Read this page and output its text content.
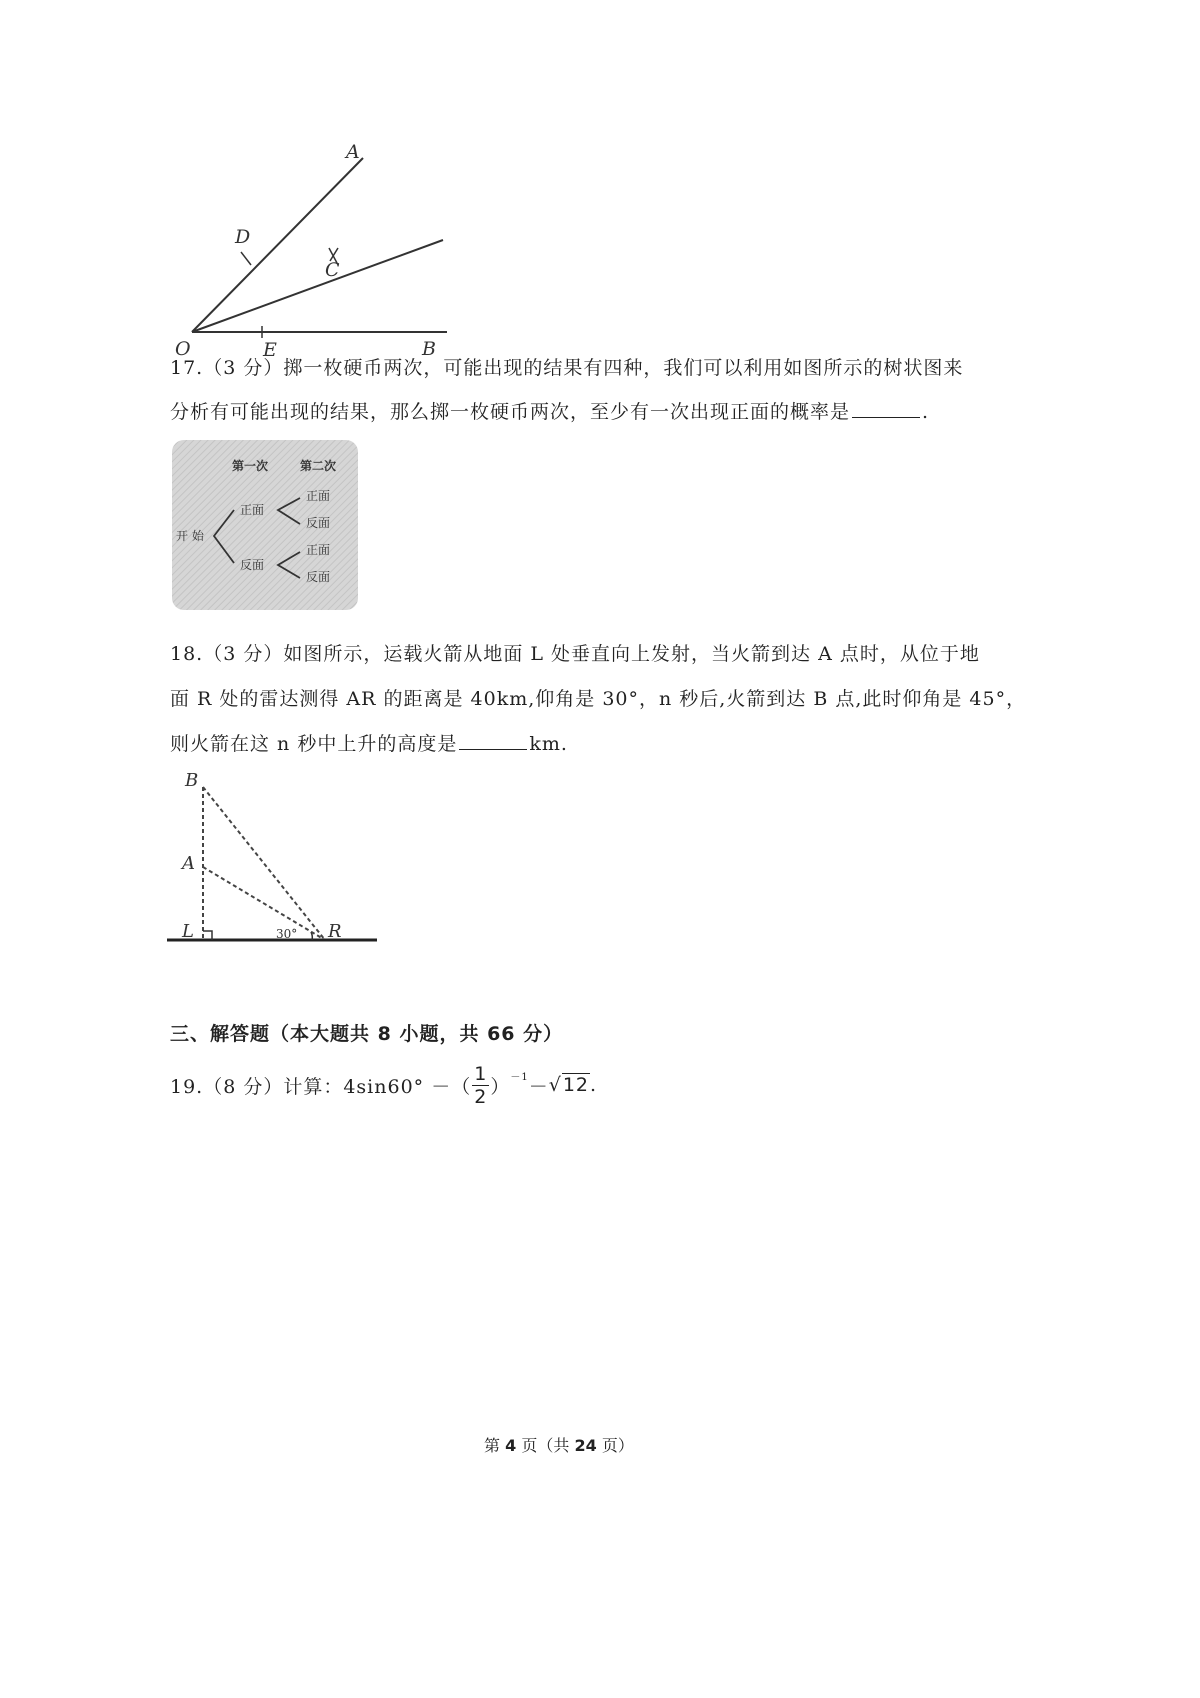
A
D
C
O	E	B
17.（3 分）掷一枚硬币两次，可能出现的结果有四种，我们可以利用如图所示的树状图来
分析有可能出现的结果，那么掷一枚硬币两次，至少有一次出现正面的概率是	.
第一次	第二次
开 始
正面
反面
正面
反面
正面
反面
18.（3 分）如图所示，运载火箭从地面 L 处垂直向上发射，当火箭到达 A 点时，从位于地
面 R 处的雷达测得 AR 的距离是 40km,仰角是 30°，n 秒后,火箭到达 B 点,此时仰角是 45°，
则火箭在这 n 秒中上升的高度是	km.
B
A
L	R
30°
三、解答题（本大题共 8 小题，共 66 分）
19.（8 分）计算：4sin60° －（ $\frac{1}{2} )^{-1} - √12$ .
第 4 页（共 24 页）
